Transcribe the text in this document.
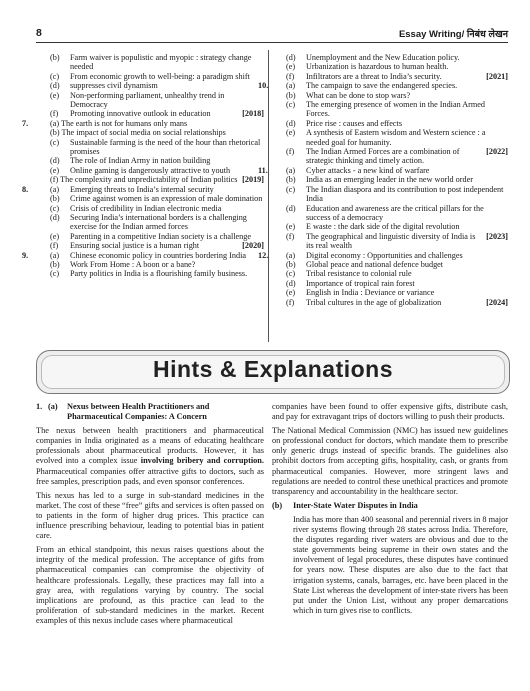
8	Essay Writing/ निबंध लेखन
(b) Farm waiver is populistic and myopic : strategy change needed
(c) From economic growth to well-being: a paradigm shift
(d) suppresses civil dynamism
(e) Non-performing parliament, unhealthy trend in Democracy
[2018]
(f) Promoting innovative outlook in education
7.	(a) The earth is not for humans only mans
(b) The impact of social media on social relationships
(c) Sustainable farming is the need of the hour than rhetorical promises
(d) The role of Indian Army in nation building
(e) Online gaming is dangerously attractive to youth
[2019]
(f) The complexity and unpredictability of Indian politics
8.	(a) Emerging threats to India’s internal security
(b) Crime against women is an expression of male domination
(c) Crisis of credibility in Indian electronic media
(d) Securing India’s international borders is a challenging exercise for the Indian armed forces
(e) Parenting in a competitive Indian society is a challenge
[2020]
(f) Ensuring social justice is a human right
9.	(a) Chinese economic policy in countries bordering India
(b) Work From Home : A boon or a bane?
(c) Party politics in India is a flourishing family business.
(d) Unemployment and the New Education policy.
(e) Urbanization is hazardous to human health.
[2021]
(f) Infiltrators are a threat to India’s security.
10. (a) The campaign to save the endangered species.
(b) What can be done to stop wars?
(c) The emerging presence of women in the Indian Armed Forces.
(d) Price rise : causes and effects
(e) A synthesis of Eastern wisdom and Western science : a needed goal for humanity.
[2022]
(f) The Indian Armed Forces are a combination of strategic thinking and timely action.
11. (a) Cyber attacks - a new kind of warfare
(b) India as an emerging leader in the new world order
(c) The Indian diaspora and its contribution to post independent India
(d) Education and awareness are the critical pillars for the success of a democracy
(e) E waste : the dark side of the digital revolution
[2023]
(f) The geographical and linguistic diversity of India is its real wealth
12. (a) Digital economy : Opportunities and challenges
(b) Global peace and national defence budget
(c) Tribal resistance to colonial rule
(d) Importance of tropical rain forest
(e) English in India : Deviance or variance
[2024]
(f) Tribal cultures in the age of globalization
Hints & Explanations
1. (a)	Nexus between Health Practitioners and Pharmaceutical Companies: A Concern

The nexus between health practitioners and pharmaceutical companies in India originated as a means of educating healthcare professionals about pharmaceutical products. However, it has evolved into a complex issue involving bribery and corruption. Pharmaceutical companies offer attractive gifts to doctors, such as free samples, prescription pads, and even sponsor conferences.

This nexus has led to a surge in sub-standard medicines in the market. The cost of these “free” gifts and services is often passed on to patients in the form of higher drug prices. This practice can influence prescribing behaviour, leading to potential bias in patient care.

From an ethical standpoint, this nexus raises questions about the integrity of the medical profession. The acceptance of gifts from pharmaceutical companies can compromise the objectivity of healthcare professionals. Legally, these practices may fall into a gray area, with regulations varying by country. The social implications are profound, as this practice can lead to the proliferation of sub-standard medicines in the market. Recent examples of this nexus include cases where pharmaceutical

companies have been found to offer expensive gifts, distribute cash, and pay for extravagant trips of doctors willing to push their products.

The National Medical Commission (NMC) has issued new guidelines on professional conduct for doctors, which mandate them to prescribe only generic drugs instead of specific brands. The guidelines also prohibit doctors from accepting gifts, hospitality, cash, or grants from pharmaceutical companies. However, more stringent laws and regulations are needed to control these unethical practices and promote transparency and accountability in the healthcare sector.

(b)	Inter-State Water Disputes in India

India has more than 400 seasonal and perennial rivers in 8 major river systems flowing through 28 states across India. Therefore, the disputes regarding river waters are obvious and due to the state governments being supreme in their own states and the involvement of legal procedures, these disputes have continued for years now. These disputes are also due to the fact that irrigation systems, canals, barrages, etc. have been placed in the State List whereas the development of inter-state rivers has been put under the Union List, without any proper demarcations which in turn gives rise to conflicts.
